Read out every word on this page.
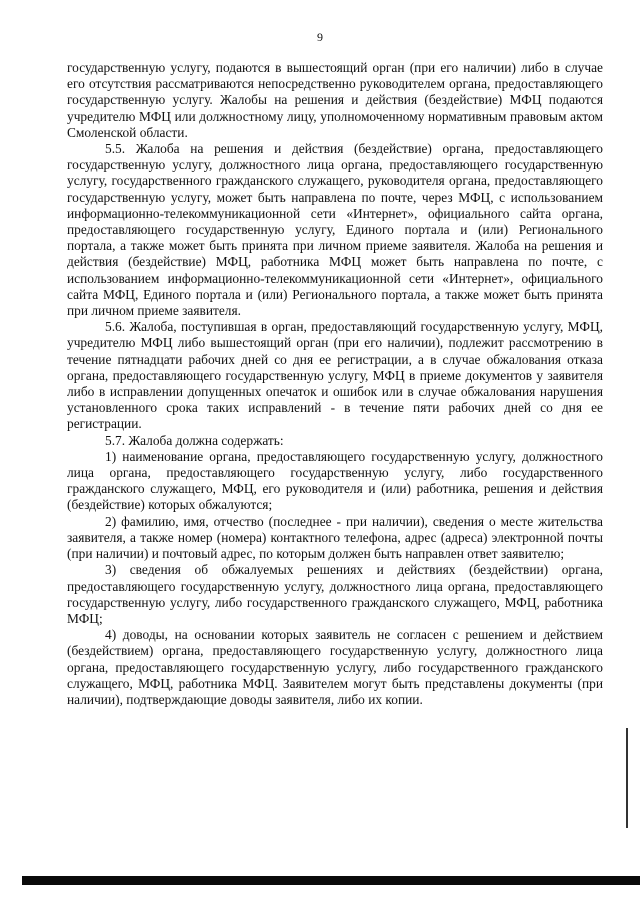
9

государственную услугу, подаются в вышестоящий орган (при его наличии) либо в случае его отсутствия рассматриваются непосредственно руководителем органа, предоставляющего государственную услугу. Жалобы на решения и действия (бездействие) МФЦ подаются учредителю МФЦ или должностному лицу, уполномоченному нормативным правовым актом Смоленской области.

5.5. Жалоба на решения и действия (бездействие) органа, предоставляющего государственную услугу, должностного лица органа, предоставляющего государственную услугу, государственного гражданского служащего, руководителя органа, предоставляющего государственную услугу, может быть направлена по почте, через МФЦ, с использованием информационно-телекоммуникационной сети «Интернет», официального сайта органа, предоставляющего государственную услугу, Единого портала и (или) Регионального портала, а также может быть принята при личном приеме заявителя. Жалоба на решения и действия (бездействие) МФЦ, работника МФЦ может быть направлена по почте, с использованием информационно-телекоммуникационной сети «Интернет», официального сайта МФЦ, Единого портала и (или) Регионального портала, а также может быть принята при личном приеме заявителя.

5.6. Жалоба, поступившая в орган, предоставляющий государственную услугу, МФЦ, учредителю МФЦ либо вышестоящий орган (при его наличии), подлежит рассмотрению в течение пятнадцати рабочих дней со дня ее регистрации, а в случае обжалования отказа органа, предоставляющего государственную услугу, МФЦ в приеме документов у заявителя либо в исправлении допущенных опечаток и ошибок или в случае обжалования нарушения установленного срока таких исправлений - в течение пяти рабочих дней со дня ее регистрации.

5.7. Жалоба должна содержать:

1) наименование органа, предоставляющего государственную услугу, должностного лица органа, предоставляющего государственную услугу, либо государственного гражданского служащего, МФЦ, его руководителя и (или) работника, решения и действия (бездействие) которых обжалуются;

2) фамилию, имя, отчество (последнее - при наличии), сведения о месте жительства заявителя, а также номер (номера) контактного телефона, адрес (адреса) электронной почты (при наличии) и почтовый адрес, по которым должен быть направлен ответ заявителю;

3) сведения об обжалуемых решениях и действиях (бездействии) органа, предоставляющего государственную услугу, должностного лица органа, предоставляющего государственную услугу, либо государственного гражданского служащего, МФЦ, работника МФЦ;

4) доводы, на основании которых заявитель не согласен с решением и действием (бездействием) органа, предоставляющего государственную услугу, должностного лица органа, предоставляющего государственную услугу, либо государственного гражданского служащего, МФЦ, работника МФЦ. Заявителем могут быть представлены документы (при наличии), подтверждающие доводы заявителя, либо их копии.
